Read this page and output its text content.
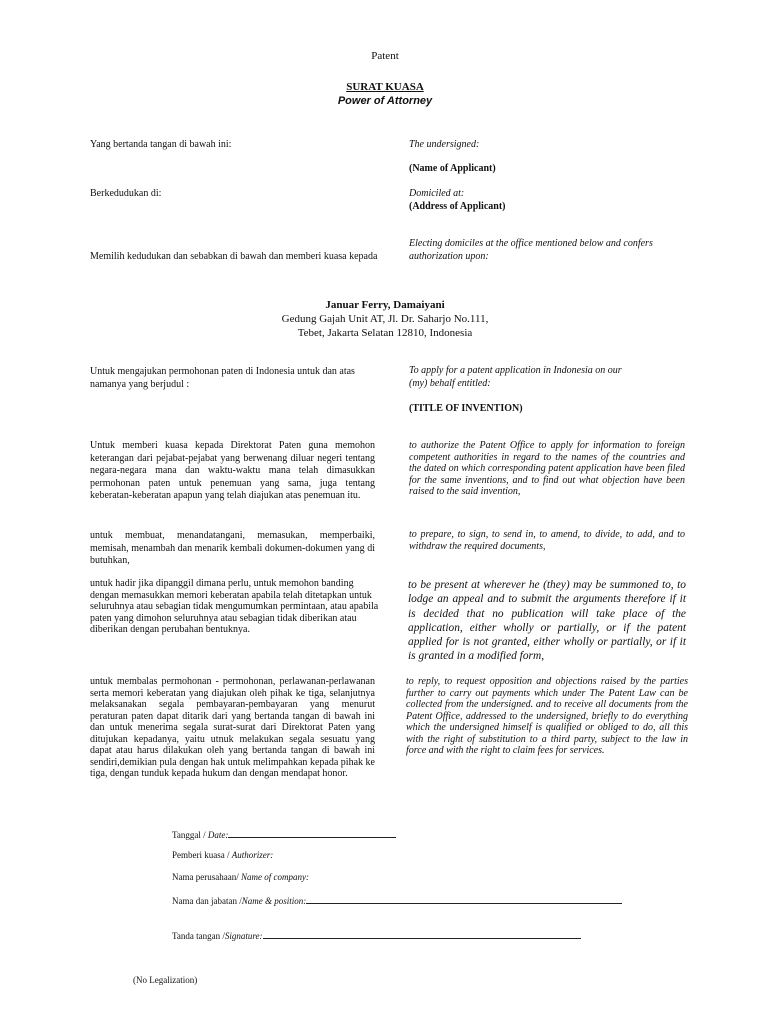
Patent
SURAT KUASA
Power of Attorney
Yang bertanda tangan di bawah ini:	The undersigned:
(Name of Applicant)
Berkedudukan di:	Domiciled at:
(Address of Applicant)
Memilih kedudukan dan sebabkan di bawah dan memberi kuasa kepada
Electing domiciles at the office mentioned below and confers authorization upon:
Januar Ferry, Damaiyani
Gedung Gajah Unit AT, Jl. Dr. Saharjo No.111,
Tebet, Jakarta Selatan 12810, Indonesia
Untuk mengajukan permohonan paten di Indonesia untuk dan atas namanya yang berjudul :
To apply for a patent application in Indonesia on our (my) behalf entitled:
(TITLE OF INVENTION)
Untuk memberi kuasa kepada Direktorat Paten guna memohon keterangan dari pejabat-pejabat yang berwenang diluar negeri tentang negara-negara mana dan waktu-waktu mana telah dimasukkan permohonan paten untuk penemuan yang sama, juga tentang keberatan-keberatan apapun yang telah diajukan atas penemuan itu.
to authorize the Patent Office to apply for information to foreign competent authorities in regard to the names of the countries and the dated on which corresponding patent application have been filed for the same inventions, and to find out what objection have been raised to the said invention,
untuk membuat, menandatangani, memasukan, memperbaiki, memisah, menambah dan menarik kembali dokumen-dokumen yang di butuhkan,
to prepare, to sign, to send in, to amend, to divide, to add, and to withdraw the required documents,
untuk hadir jika dipanggil dimana perlu, untuk memohon banding dengan memasukkan memori keberatan apabila telah ditetapkan untuk seluruhnya atau sebagian tidak mengumumkan permintaan, atau apabila paten yang dimohon seluruhnya atau sebagian tidak diberikan atau diberikan dengan perubahan bentuknya.
to be present at wherever he (they) may be summoned to, to lodge an appeal and to submit the arguments therefore if it is decided that no publication will take place of the application, either wholly or partially, or if the patent applied for is not granted, either wholly or partially, or if it is granted in a modified form,
untuk membalas permohonan - permohonan, perlawanan-perlawanan serta memori keberatan yang diajukan oleh pihak ke tiga, selanjutnya melaksanakan segala pembayaran-pembayaran yang menurut peraturan paten dapat ditarik dari yang bertanda tangan di bawah ini dan untuk menerima segala surat-surat dari Direktorat Paten yang ditujukan kepadanya, yaitu utnuk melakukan segala sesuatu yang dapat atau harus dilakukan oleh yang bertanda tangan di bawah ini sendiri,demikian pula dengan hak untuk melimpahkan kepada pihak ke tiga, dengan tunduk kepada hukum dan dengan mendapat honor.
to reply, to request opposition and objections raised by the parties further to carry out payments which under The Patent Law can be collected from the undersigned. and to receive all documents from the Patent Office, addressed to the undersigned, briefly to do everything which the undersigned himself is qualified or obliged to do, all this with the right of substitution to a third party, subject to the law in force and with the right to claim fees for services.
Tanggal / Date:
Pemberi kuasa / Authorizer:
Nama perusahaan/ Name of company:
Nama dan jabatan /Name & position:
Tanda tangan /Signature:
(No Legalization)
